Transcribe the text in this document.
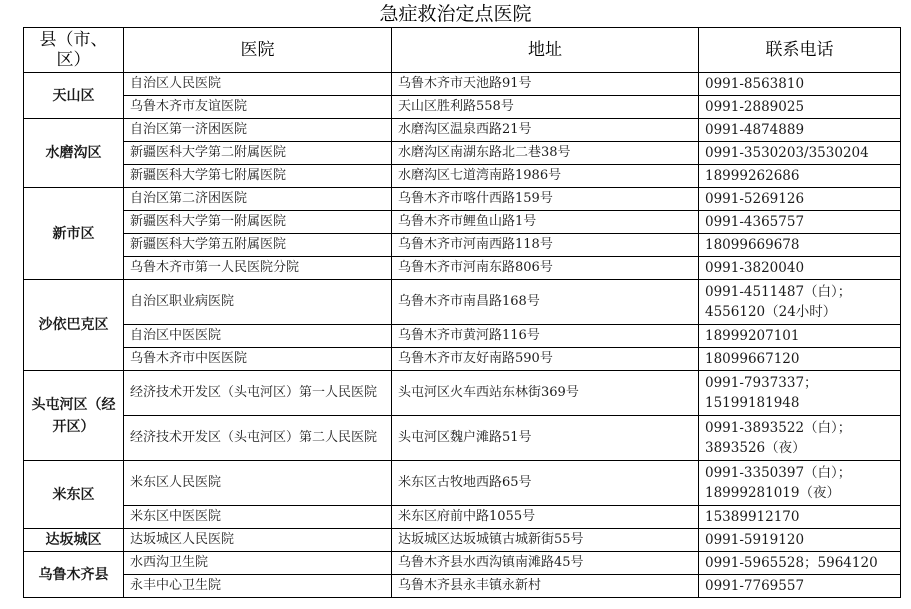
急症救治定点医院
县（市、区）	医院	地址	联系电话
天山区	自治区人民医院	乌鲁木齐市天池路91号	0991-8563810
	乌鲁木齐市友谊医院	天山区胜利路558号	0991-2889025
水磨沟区	自治区第一济困医院	水磨沟区温泉西路21号	0991-4874889
	新疆医科大学第二附属医院	水磨沟区南湖东路北二巷38号	0991-3530203/3530204
	新疆医科大学第七附属医院	水磨沟区七道湾南路1986号	18999262686
新市区	自治区第二济困医院	乌鲁木齐市喀什西路159号	0991-5269126
	新疆医科大学第一附属医院	乌鲁木齐市鲤鱼山路1号	0991-4365757
	新疆医科大学第五附属医院	乌鲁木齐市河南西路118号	18099669678
	乌鲁木齐市第一人民医院分院	乌鲁木齐市河南东路806号	0991-3820040
沙依巴克区	自治区职业病医院	乌鲁木齐市南昌路168号	0991-4511487（白）；4556120（24小时）
	自治区中医医院	乌鲁木齐市黄河路116号	18999207101
	乌鲁木齐市中医医院	乌鲁木齐市友好南路590号	18099667120
头屯河区（经开区）	经济技术开发区（头屯河区）第一人民医院	头屯河区火车西站东林街369号	0991-7937337；15199181948
	经济技术开发区（头屯河区）第二人民医院	头屯河区魏户滩路51号	0991-3893522（白）；3893526（夜）
米东区	米东区人民医院	米东区古牧地西路65号	0991-3350397（白）；18999281019（夜）
	米东区中医医院	米东区府前中路1055号	15389912170
达坂城区	达坂城区人民医院	达坂城区达坂城镇古城新街55号	0991-5919120
乌鲁木齐县	水西沟卫生院	乌鲁木齐县水西沟镇南滩路45号	0991-5965528；5964120
	永丰中心卫生院	乌鲁木齐县永丰镇永新村	0991-7769557
